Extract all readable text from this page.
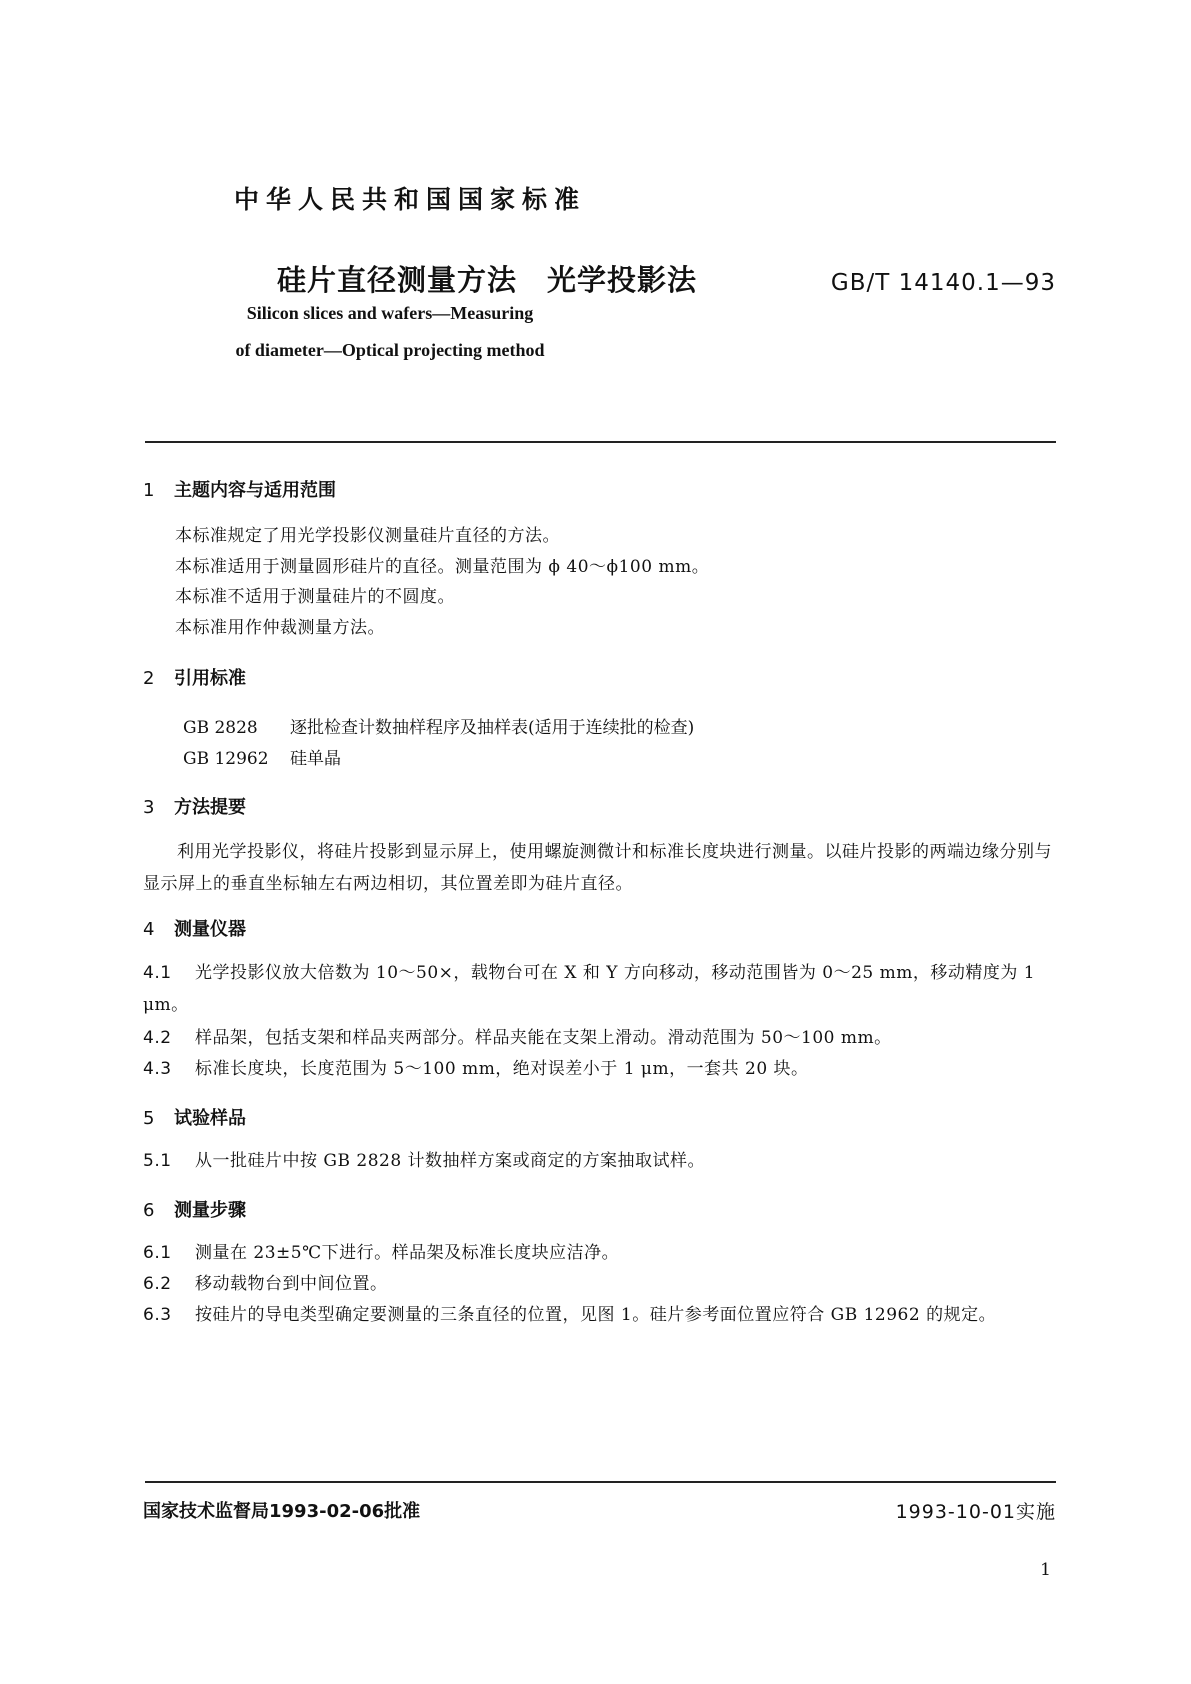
中华人民共和国国家标准
硅片直径测量方法　光学投影法	GB/T 14140.1—93
Silicon slices and wafers—Measuring
of diameter—Optical projecting method
1 主题内容与适用范围
本标准规定了用光学投影仪测量硅片直径的方法。
本标准适用于测量圆形硅片的直径。测量范围为 ϕ 40～ϕ100 mm。
本标准不适用于测量硅片的不圆度。
本标准用作仲裁测量方法。
2 引用标准
GB 2828 逐批检查计数抽样程序及抽样表(适用于连续批的检查)
GB 12962 硅单晶
3 方法提要
利用光学投影仪，将硅片投影到显示屏上，使用螺旋测微计和标准长度块进行测量。以硅片投影的两端边缘分别与显示屏上的垂直坐标轴左右两边相切，其位置差即为硅片直径。
4 测量仪器
4.1 光学投影仪放大倍数为 10～50×，载物台可在 X 和 Y 方向移动，移动范围皆为 0～25 mm，移动精度为 1 μm。
4.2 样品架，包括支架和样品夹两部分。样品夹能在支架上滑动。滑动范围为 50～100 mm。
4.3 标准长度块，长度范围为 5～100 mm，绝对误差小于 1 μm，一套共 20 块。
5 试验样品
5.1 从一批硅片中按 GB 2828 计数抽样方案或商定的方案抽取试样。
6 测量步骤
6.1 测量在 23±5℃下进行。样品架及标准长度块应洁净。
6.2 移动载物台到中间位置。
6.3 按硅片的导电类型确定要测量的三条直径的位置，见图 1。硅片参考面位置应符合 GB 12962 的规定。
国家技术监督局1993-02-06批准	1993-10-01实施
1
